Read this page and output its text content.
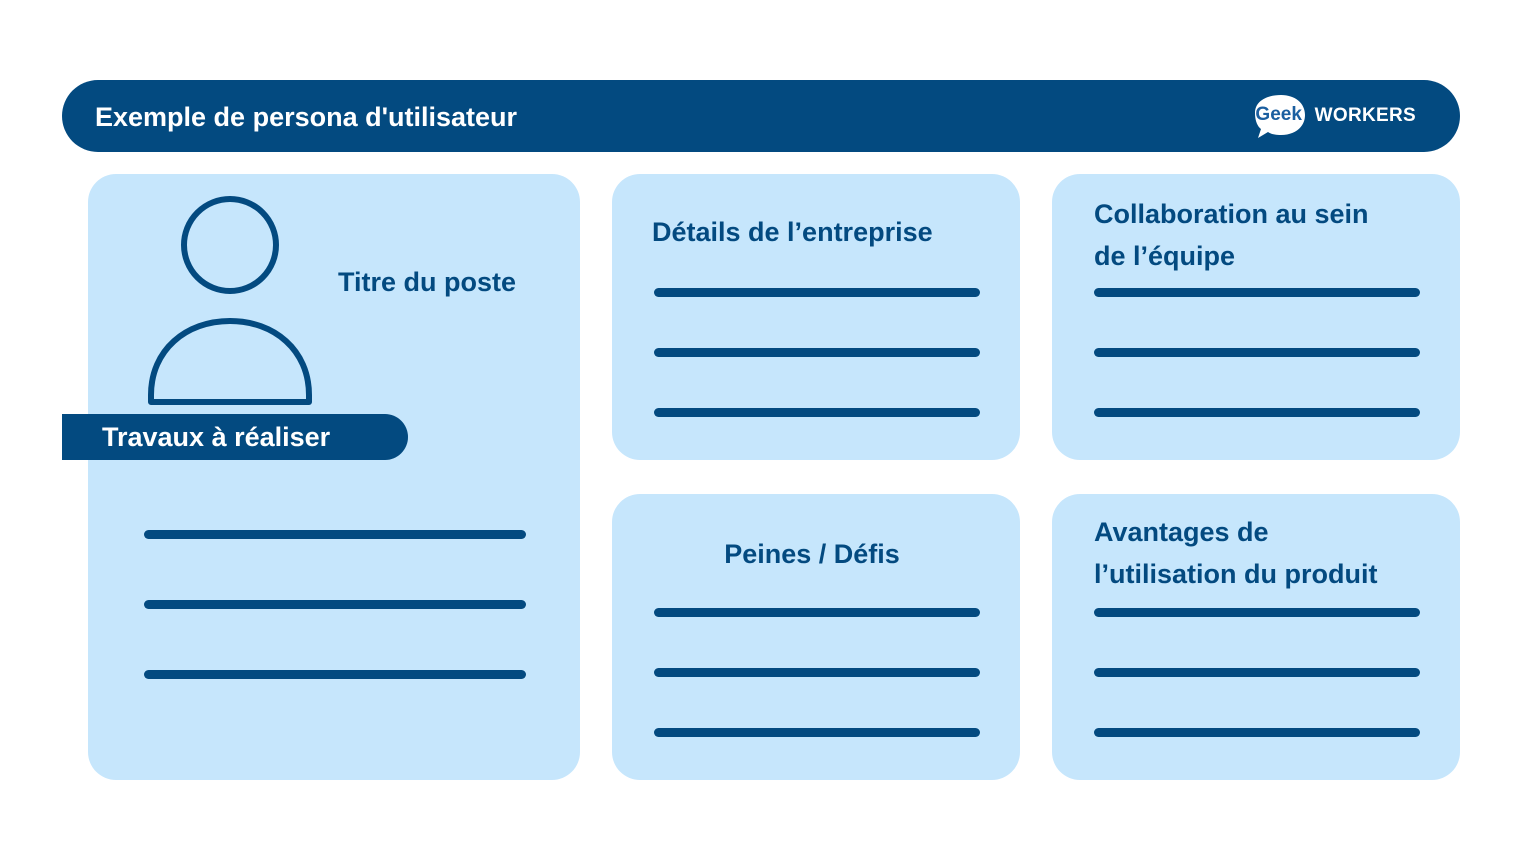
Exemple de persona d'utilisateur	Geek WORKERS
Titre du poste
Travaux à réaliser
Détails de l’entreprise
Collaboration au sein
de l’équipe
Peines / Défis
Avantages de
l’utilisation du produit
